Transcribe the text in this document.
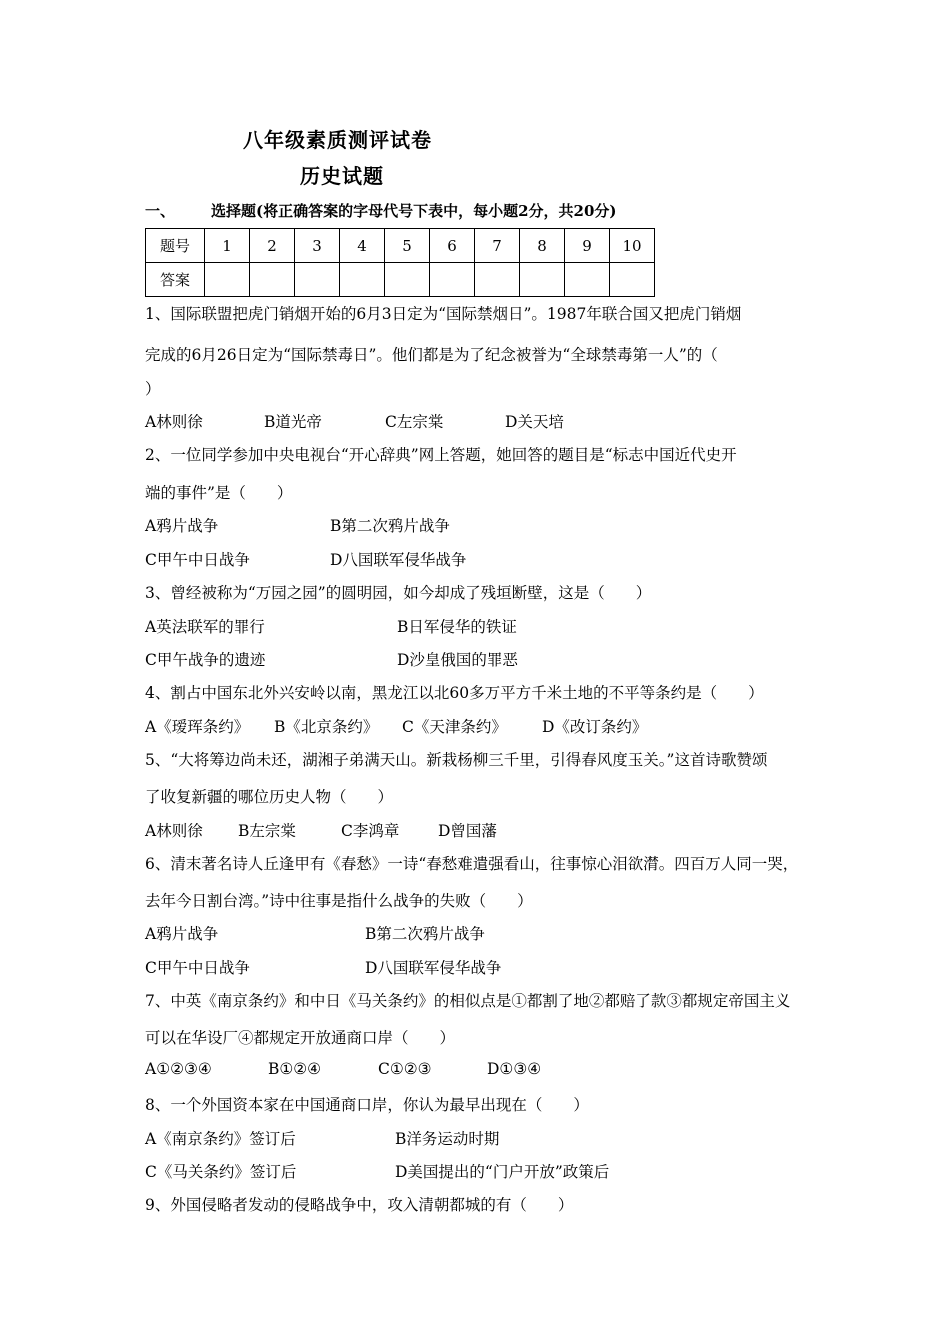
八年级素质测评试卷
历史试题
一、 选择题(将正确答案的字母代号下表中，每小题2分，共20分)
题号	1	2	3	4	5	6	7	8	9	10
答案										
1、国际联盟把虎门销烟开始的6月3日定为“国际禁烟日”。1987年联合国又把虎门销烟
完成的6月26日定为“国际禁毒日”。他们都是为了纪念被誉为“全球禁毒第一人”的（
）
A林则徐	B道光帝	C左宗棠	D关天培
2、一位同学参加中央电视台“开心辞典”网上答题，她回答的题目是“标志中国近代史开
端的事件”是（　　）
A鸦片战争	B第二次鸦片战争
C甲午中日战争	D八国联军侵华战争
3、曾经被称为“万园之园”的圆明园，如今却成了残垣断壁，这是（　　）
A英法联军的罪行	B日军侵华的铁证
C甲午战争的遗迹	D沙皇俄国的罪恶
4、割占中国东北外兴安岭以南，黑龙江以北60多万平方千米土地的不平等条约是（　　）
A《瑷珲条约》 B《北京条约》 C《天津条约》 D《改订条约》
5、“大将筹边尚未还，湖湘子弟满天山。新栽杨柳三千里，引得春风度玉关。”这首诗歌赞颂
了收复新疆的哪位历史人物（　　）
A林则徐 B左宗棠	C李鸿章 D曾国藩
6、清末著名诗人丘逢甲有《春愁》一诗“春愁难遣强看山，往事惊心泪欲潸。四百万人同一哭，
去年今日割台湾。”诗中往事是指什么战争的失败（　　）
A鸦片战争	B第二次鸦片战争
C甲午中日战争	D八国联军侵华战争
7、中英《南京条约》和中日《马关条约》的相似点是①都割了地②都赔了款③都规定帝国主义
可以在华设厂④都规定开放通商口岸（　　）
A①②③④	B①②④	C①②③	D①③④
8、一个外国资本家在中国通商口岸，你认为最早出现在（　　）
A《南京条约》签订后	B洋务运动时期
C《马关条约》签订后	D美国提出的“门户开放”政策后
9、外国侵略者发动的侵略战争中，攻入清朝都城的有（　　）
